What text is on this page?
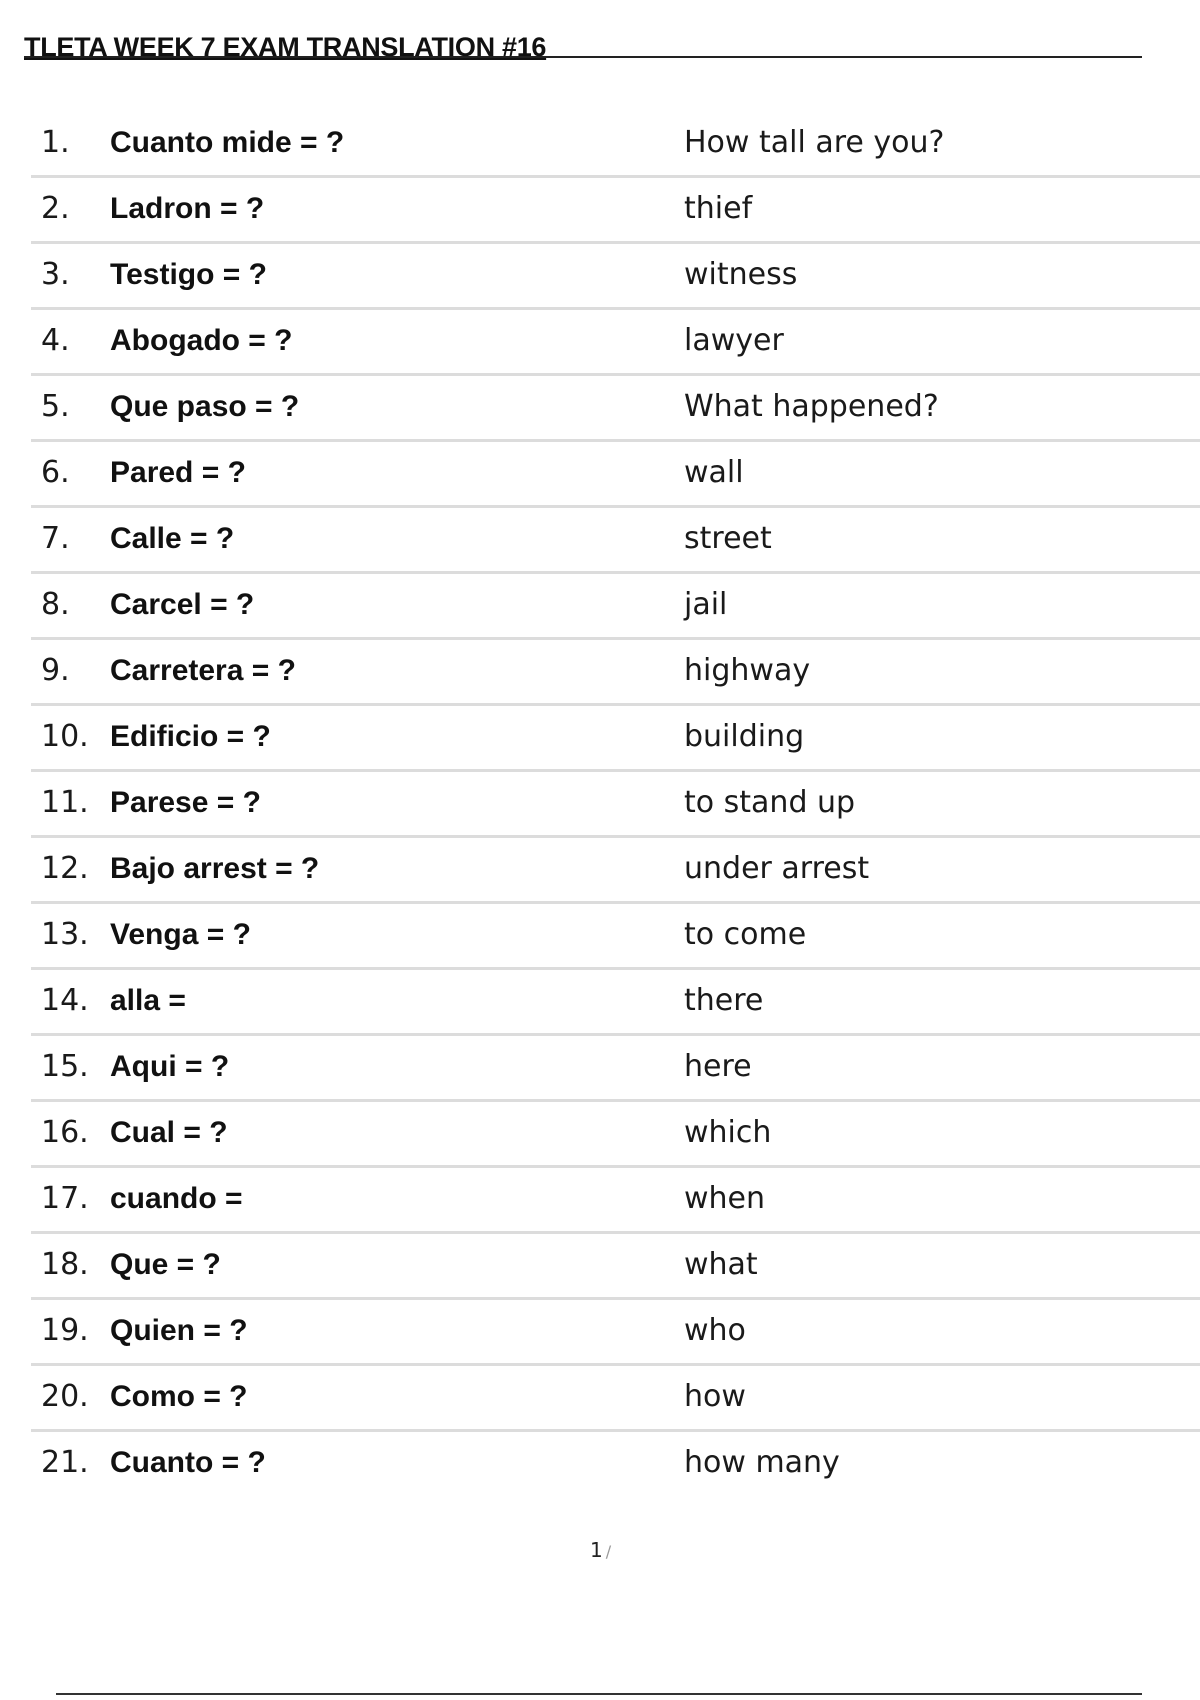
TLETA WEEK 7 EXAM TRANSLATION #16
1. Cuanto mide = ?	How tall are you?
2. Ladron = ?	thief
3. Testigo = ?	witness
4. Abogado = ?	lawyer
5. Que paso = ?	What happened?
6. Pared = ?	wall
7. Calle = ?	street
8. Carcel = ?	jail
9. Carretera = ?	highway
10. Edificio = ?	building
11. Parese = ?	to stand up
12. Bajo arrest = ?	under arrest
13. Venga = ?	to come
14. alla =	there
15. Aqui = ?	here
16. Cual = ?	which
17. cuando =	when
18. Que = ?	what
19. Quien = ?	who
20. Como = ?	how
21. Cuanto = ?	how many
1 /
